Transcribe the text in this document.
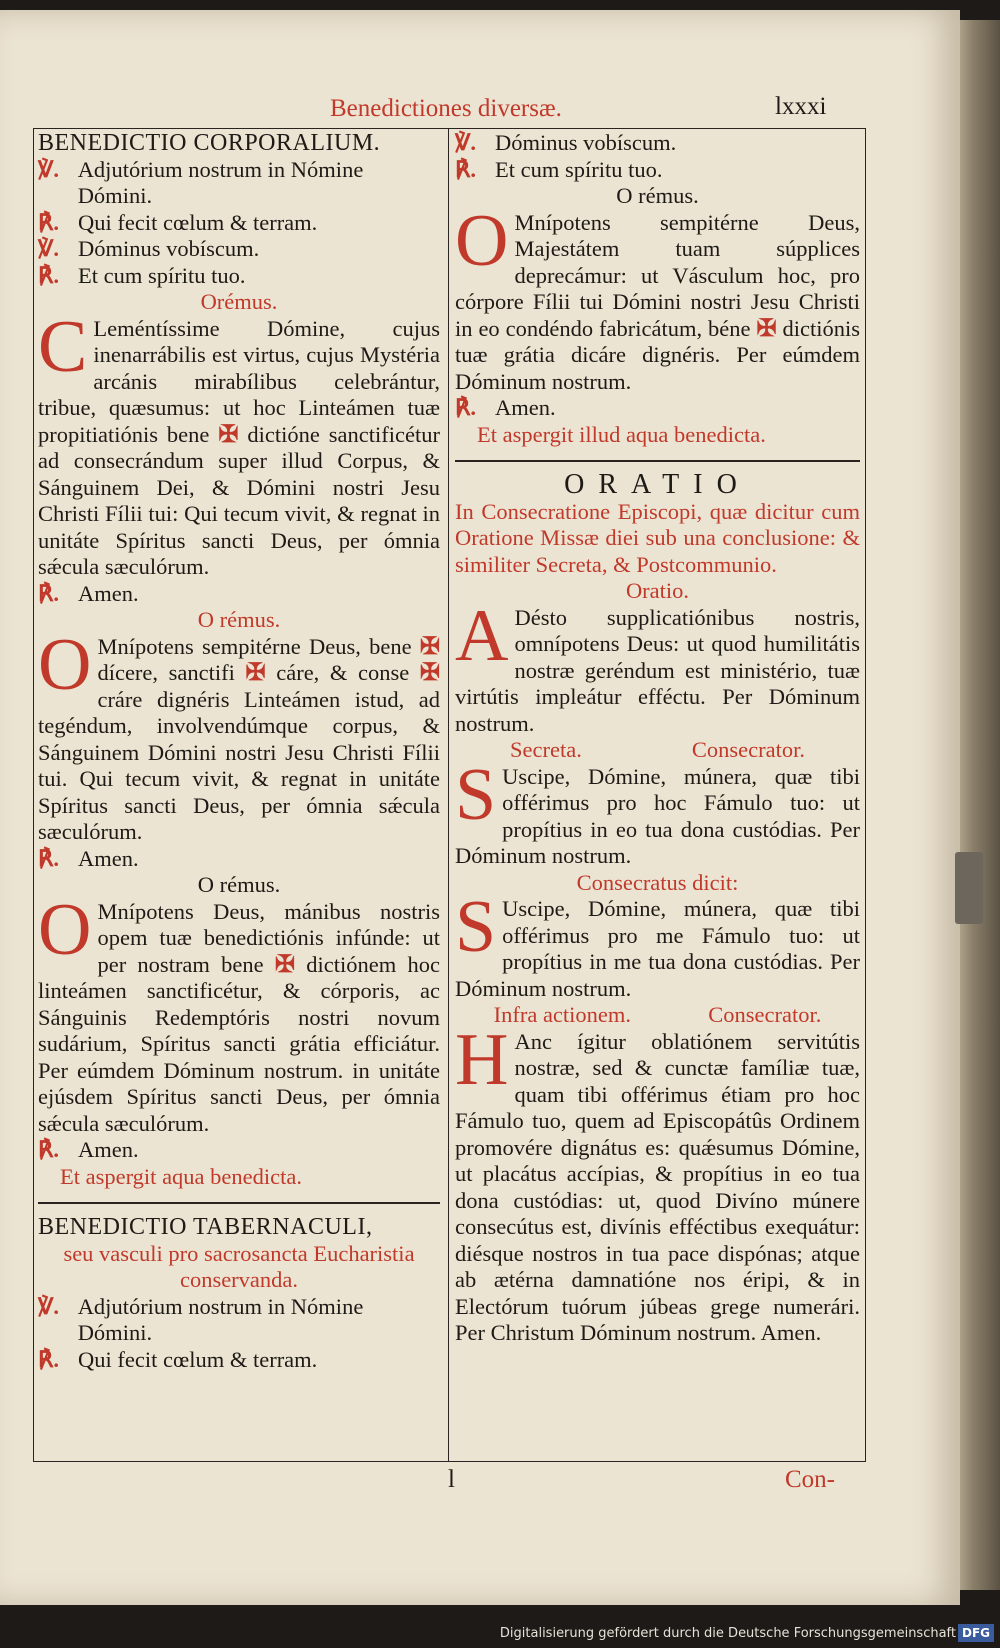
Benedictiones diversæ.	lxxxi

BENEDICTIO CORPORALIUM.

℣. Adjutórium nostrum in Nómine Dómini.

℟. Qui fecit cœlum & terram.

℣. Dóminus vobíscum.

℟. Et cum spíritu tuo.

Orémus.

C Leméntíssime Dómine, cujus inenarrábilis est virtus, cujus Mystéria arcánis mirabílibus celebrántur, tribue, quæsumus: ut hoc Linteámen tuæ propitiatiónis bene ✠ dictióne sanctificétur ad consecrándum super illud Corpus, & Sánguinem Dei, & Dómini nostri Jesu Christi Fílii tui: Qui tecum vivit, & regnat in unitáte Spíritus sancti Deus, per ómnia sǽcula sæculórum.

℟. Amen.

O rémus.

O Mnípotens sempitérne Deus, bene ✠ dícere, sanctifi ✠ cáre, & conse ✠ cráre dignéris Linteámen istud, ad tegéndum, involvendúmque corpus, & Sánguinem Dómini nostri Jesu Christi Fílii tui. Qui tecum vivit, & regnat in unitáte Spíritus sancti Deus, per ómnia sǽcula sæculórum.

℟. Amen.

O rémus.

O Mnípotens Deus, mánibus nostris opem tuæ benedictiónis infúnde: ut per nostram bene ✠ dictiónem hoc linteámen sanctificétur, & córporis, ac Sánguinis Redemptóris nostri novum sudárium, Spíritus sancti grátia efficiátur. Per eúmdem Dóminum nostrum. in unitáte ejúsdem Spíritus sancti Deus, per ómnia sǽcula sæculórum.

℟. Amen.

Et aspergit aqua benedicta.

BENEDICTIO TABERNACULI,

seu vasculi pro sacrosancta Eucharistia conservanda.

℣. Adjutórium nostrum in Nómine Dómini.

℟. Qui fecit cœlum & terram.

℣. Dóminus vobíscum.

℟. Et cum spíritu tuo.

O rémus.

O Mnípotens sempitérne Deus, Majestátem tuam súpplices deprecámur: ut Vásculum hoc, pro córpore Fílii tui Dómini nostri Jesu Christi in eo condéndo fabricátum, béne ✠ dictiónis tuæ grátia dicáre dignéris. Per eúmdem Dóminum nostrum.

℟. Amen.

Et aspergit illud aqua benedicta.

ORATIO

In Consecratione Episcopi, quæ dicitur cum Oratione Missæ diei sub una conclusione: & similiter Secreta, & Postcommunio.

Oratio.

A Désto supplicatiónibus nostris, omnípotens Deus: ut quod humilitátis nostræ geréndum est ministério, tuæ virtútis impleátur efféctu. Per Dóminum nostrum.

Secreta.	Consecrator.

S Uscipe, Dómine, múnera, quæ tibi offérimus pro hoc Fámulo tuo: ut propítius in eo tua dona custódias. Per Dóminum nostrum.

Consecratus dicit:

S Uscipe, Dómine, múnera, quæ tibi offérimus pro me Fámulo tuo: ut propítius in me tua dona custódias. Per Dóminum nostrum.

Infra actionem.	Consecrator.

H Anc ígitur oblatiónem servitútis nostræ, sed & cunctæ famíliæ tuæ, quam tibi offérimus étiam pro hoc Fámulo tuo, quem ad Episcopátûs Ordinem promovére dignátus es: quǽsumus Dómine, ut placátus accípias, & propítius in eo tua dona custódias: ut, quod Divíno múnere consecútus est, divínis efféctibus exequátur: diésque nostros in tua pace dispónas; atque ab ætérna damnatióne nos éripi, & in Electórum tuórum júbeas grege numerári. Per Christum Dóminum nostrum. Amen.

l	Con-
Digitalisierung gefördert durch die Deutsche Forschungsgemeinschaft DFG
